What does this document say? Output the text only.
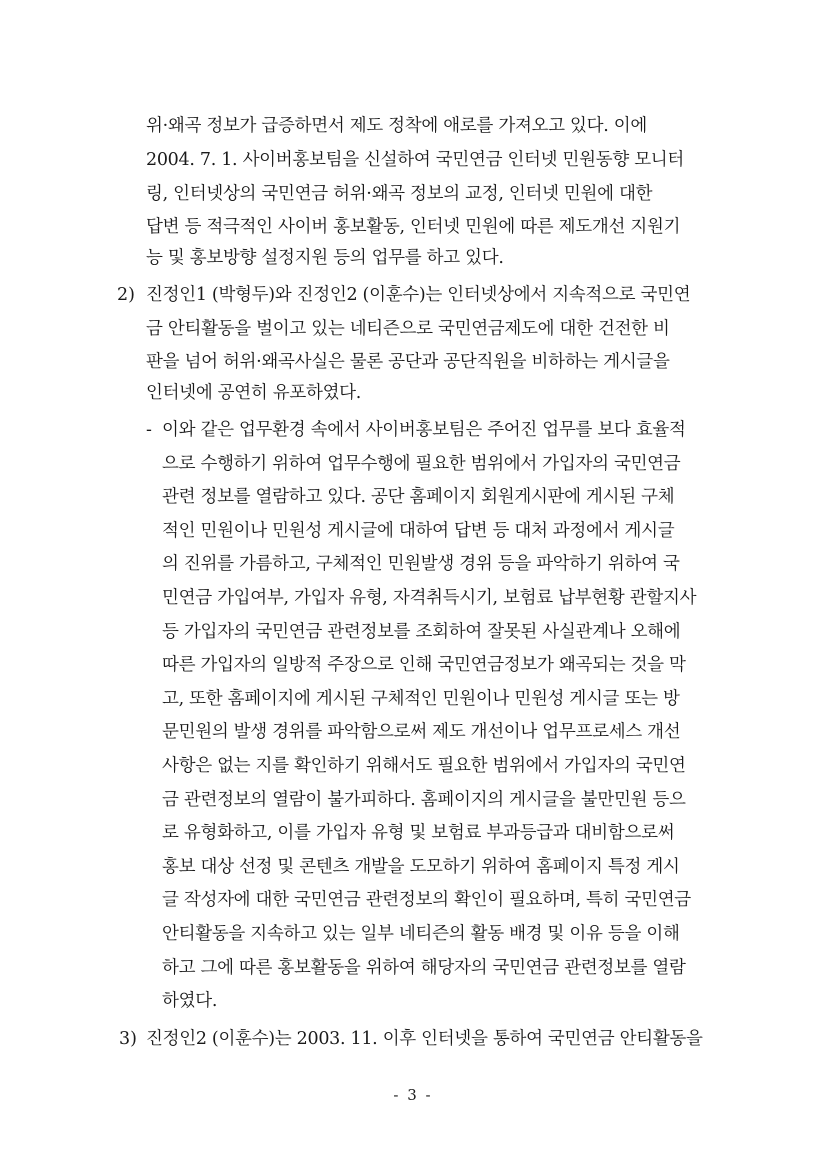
위·왜곡 정보가 급증하면서 제도 정착에 애로를 가져오고 있다. 이에
2004. 7. 1. 사이버홍보팀을 신설하여 국민연금 인터넷 민원동향 모니터
링, 인터넷상의 국민연금 허위·왜곡 정보의 교정, 인터넷 민원에 대한
답변 등 적극적인 사이버 홍보활동, 인터넷 민원에 따른 제도개선 지원기
능 및 홍보방향 설정지원 등의 업무를 하고 있다.
2) 진정인1 (박형두)와 진정인2 (이훈수)는 인터넷상에서 지속적으로 국민연
금 안티활동을 벌이고 있는 네티즌으로 국민연금제도에 대한 건전한 비
판을 넘어 허위·왜곡사실은 물론 공단과 공단직원을 비하하는 게시글을
인터넷에 공연히 유포하였다.
- 이와 같은 업무환경 속에서 사이버홍보팀은 주어진 업무를 보다 효율적
으로 수행하기 위하여 업무수행에 필요한 범위에서 가입자의 국민연금
관련 정보를 열람하고 있다. 공단 홈페이지 회원게시판에 게시된 구체
적인 민원이나 민원성 게시글에 대하여 답변 등 대처 과정에서 게시글
의 진위를 가름하고, 구체적인 민원발생 경위 등을 파악하기 위하여 국
민연금 가입여부, 가입자 유형, 자격취득시기, 보험료 납부현황 관할지사
등 가입자의 국민연금 관련정보를 조회하여 잘못된 사실관계나 오해에
따른 가입자의 일방적 주장으로 인해 국민연금정보가 왜곡되는 것을 막
고, 또한 홈페이지에 게시된 구체적인 민원이나 민원성 게시글 또는 방
문민원의 발생 경위를 파악함으로써 제도 개선이나 업무프로세스 개선
사항은 없는 지를 확인하기 위해서도 필요한 범위에서 가입자의 국민연
금 관련정보의 열람이 불가피하다. 홈페이지의 게시글을 불만민원 등으
로 유형화하고, 이를 가입자 유형 및 보험료 부과등급과 대비함으로써
홍보 대상 선정 및 콘텐츠 개발을 도모하기 위하여 홈페이지 특정 게시
글 작성자에 대한 국민연금 관련정보의 확인이 필요하며, 특히 국민연금
안티활동을 지속하고 있는 일부 네티즌의 활동 배경 및 이유 등을 이해
하고 그에 따른 홍보활동을 위하여 해당자의 국민연금 관련정보를 열람
하였다.
3) 진정인2 (이훈수)는 2003. 11. 이후 인터넷을 통하여 국민연금 안티활동을
- 3 -
